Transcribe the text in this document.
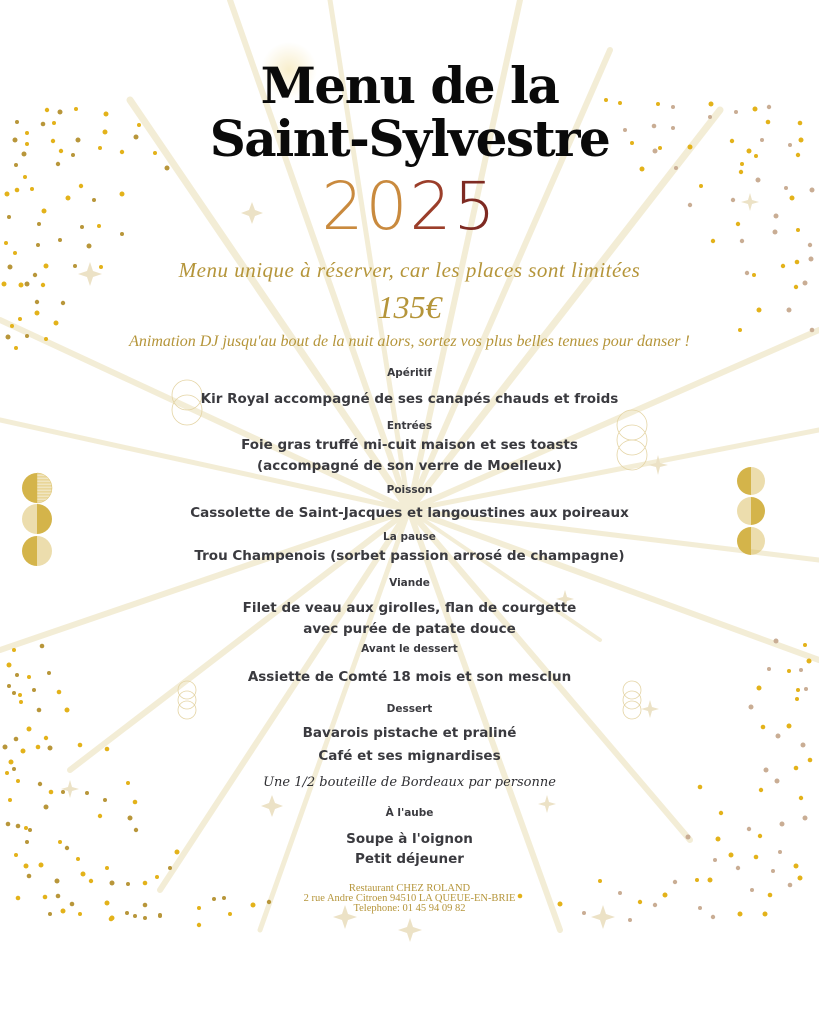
Menu de la
Saint-Sylvestre
2025
Menu unique à réserver, car les places sont limitées
135€
Animation DJ jusqu'au bout de la nuit alors, sortez vos plus belles tenues pour danser !
Apéritif
Kir Royal accompagné de ses canapés chauds et froids
Entrées
Foie gras truffé mi-cuit maison et ses toasts
(accompagné de son verre de Moelleux)
Poisson
Cassolette de Saint-Jacques et langoustines aux poireaux
La pause
Trou Champenois (sorbet passion arrosé de champagne)
Viande
Filet de veau aux girolles, flan de courgette
avec purée de patate douce
Avant le dessert
Assiette de Comté 18 mois et son mesclun
Dessert
Bavarois pistache et praliné
Café et ses mignardises
Une 1/2 bouteille de Bordeaux par personne
À l'aube
Soupe à l'oignon
Petit déjeuner
Restaurant CHEZ ROLAND
2 rue Andre Citroen 94510 LA QUEUE-EN-BRIE
Telephone: 01 45 94 09 82
